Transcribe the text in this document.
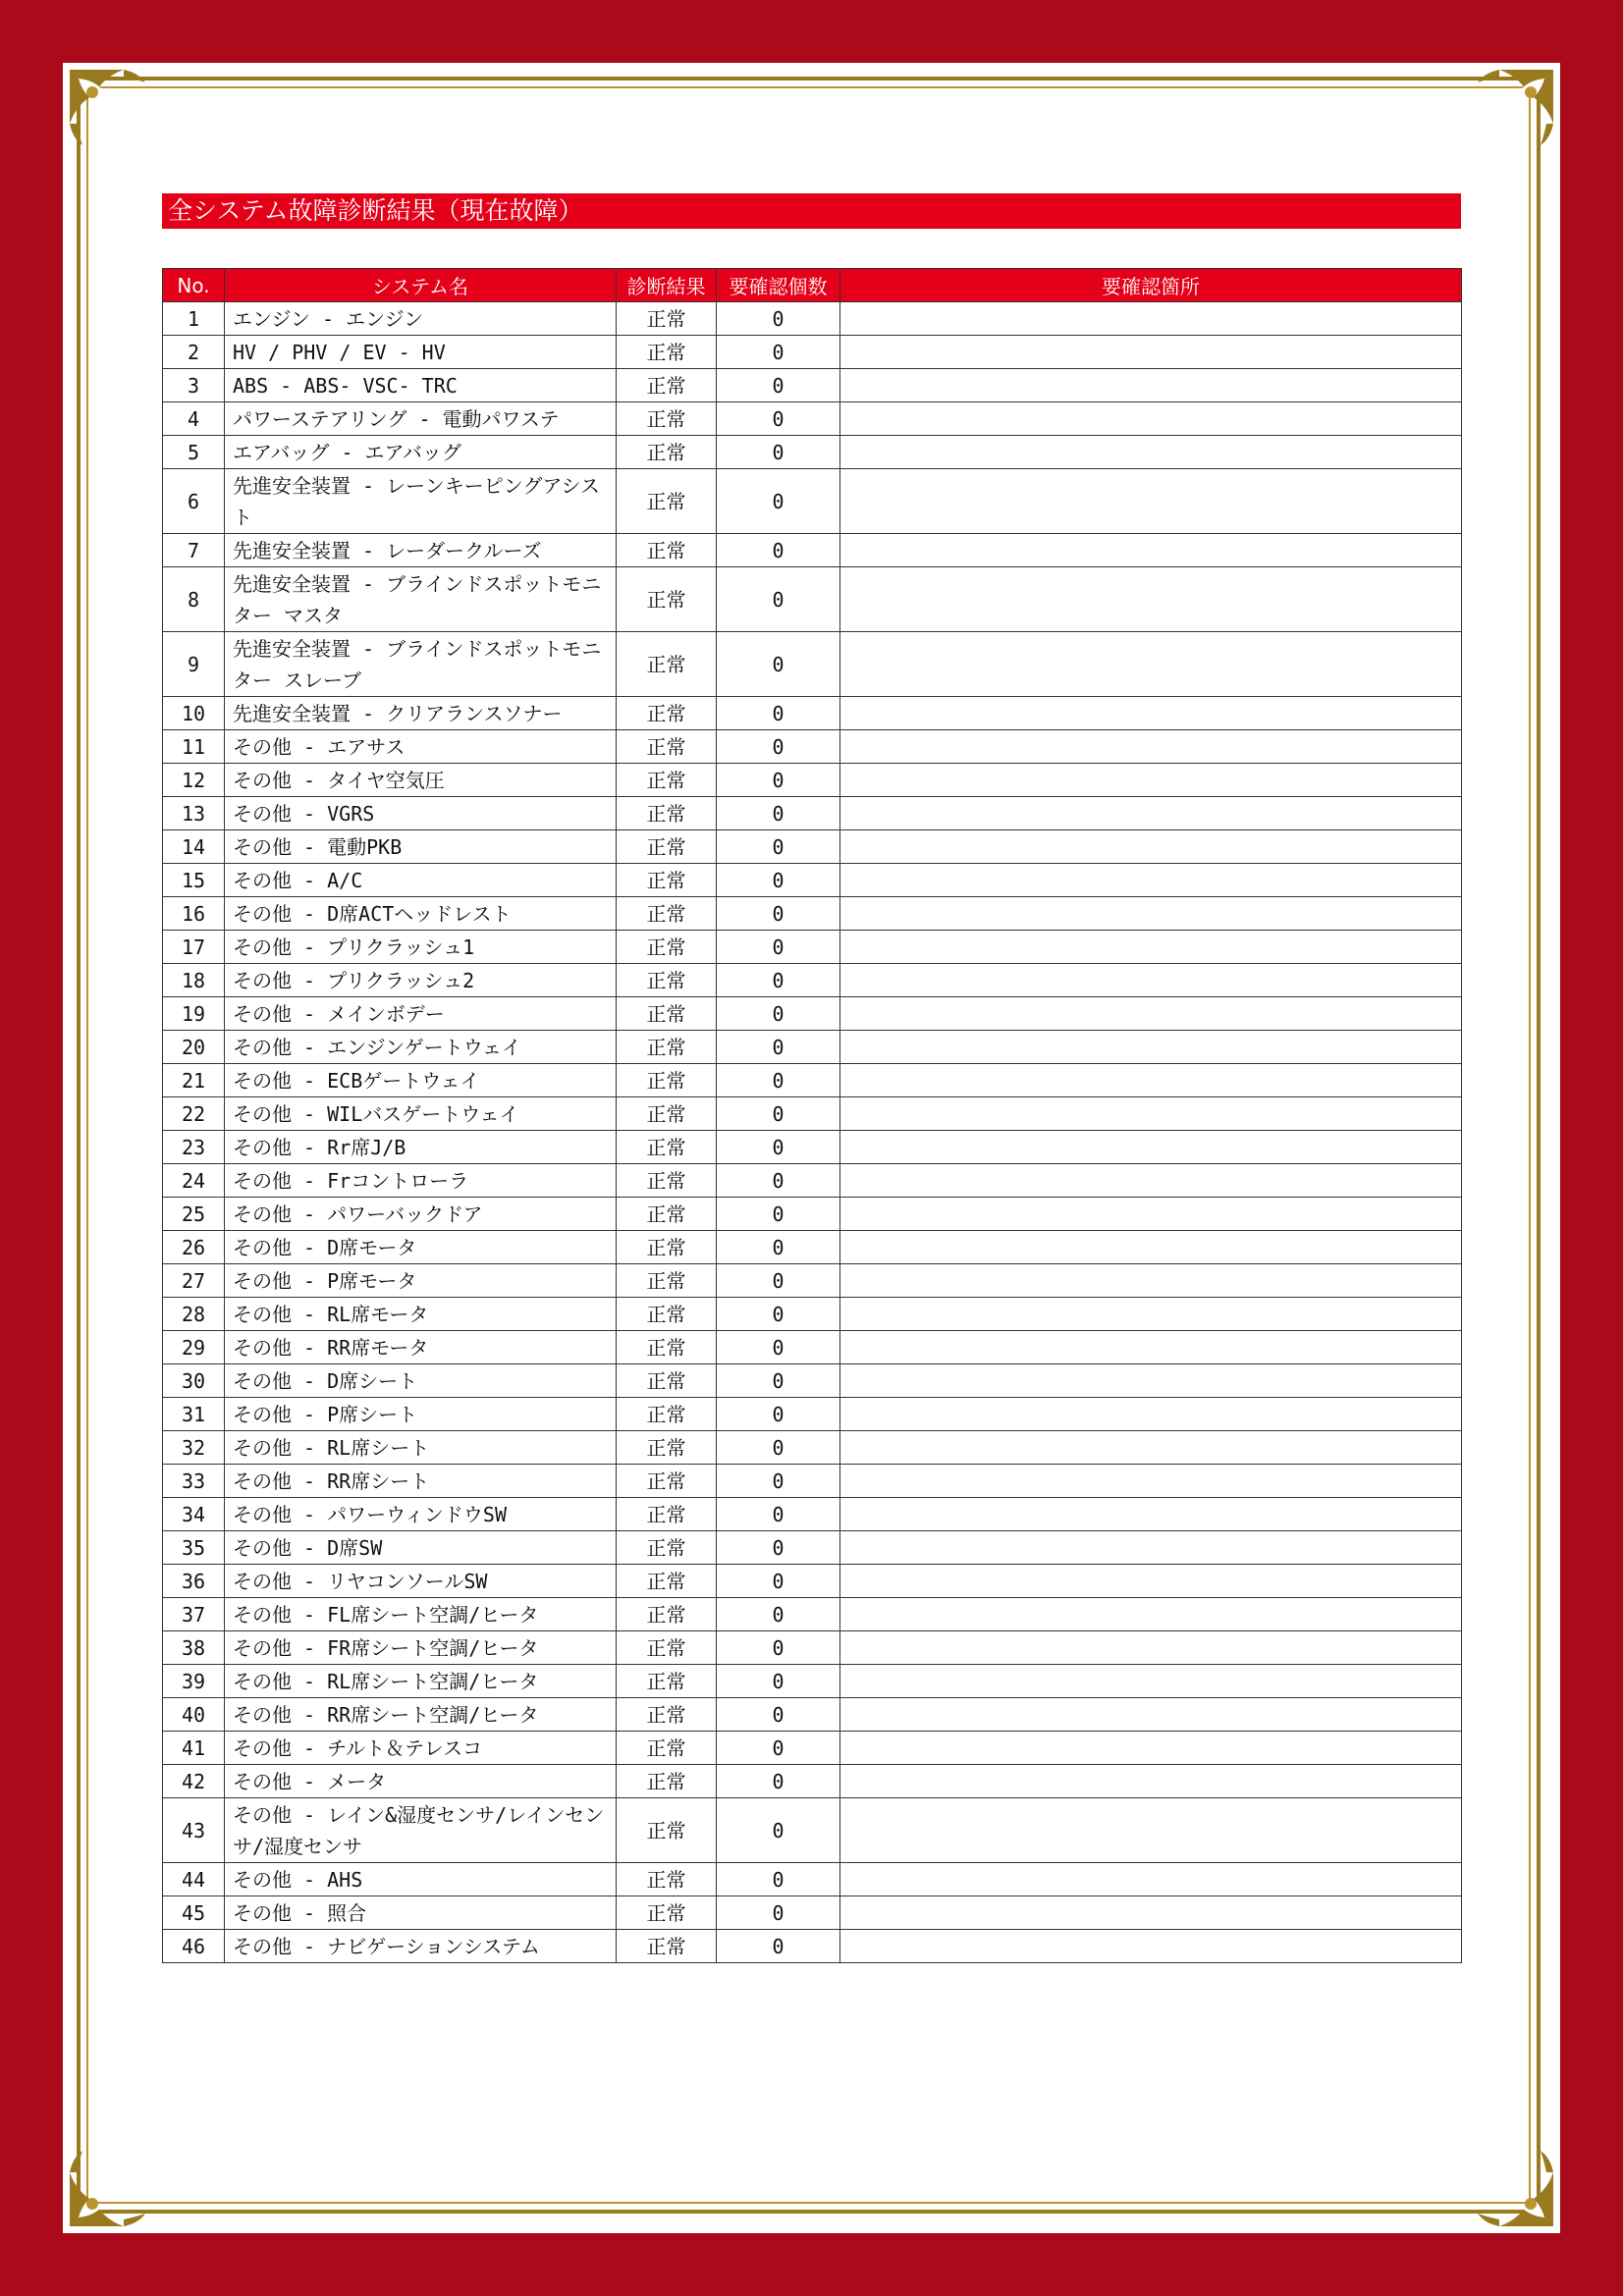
全システム故障診断結果（現在故障）
No.	システム名	診断結果	要確認個数	要確認箇所
1	エンジン - エンジン	正常	0	
2	HV / PHV / EV - HV	正常	0	
3	ABS - ABS- VSC- TRC	正常	0	
4	パワーステアリング - 電動パワステ	正常	0	
5	エアバッグ - エアバッグ	正常	0	
6	先進安全装置 - レーンキーピングアシスト	正常	0	
7	先進安全装置 - レーダークルーズ	正常	0	
8	先進安全装置 - ブラインドスポットモニター マスタ	正常	0	
9	先進安全装置 - ブラインドスポットモニター スレーブ	正常	0	
10	先進安全装置 - クリアランスソナー	正常	0	
11	その他 - エアサス	正常	0	
12	その他 - タイヤ空気圧	正常	0	
13	その他 - VGRS	正常	0	
14	その他 - 電動PKB	正常	0	
15	その他 - A/C	正常	0	
16	その他 - D席ACTヘッドレスト	正常	0	
17	その他 - プリクラッシュ1	正常	0	
18	その他 - プリクラッシュ2	正常	0	
19	その他 - メインボデー	正常	0	
20	その他 - エンジンゲートウェイ	正常	0	
21	その他 - ECBゲートウェイ	正常	0	
22	その他 - WILバスゲートウェイ	正常	0	
23	その他 - Rr席J/B	正常	0	
24	その他 - Frコントローラ	正常	0	
25	その他 - パワーバックドア	正常	0	
26	その他 - D席モータ	正常	0	
27	その他 - P席モータ	正常	0	
28	その他 - RL席モータ	正常	0	
29	その他 - RR席モータ	正常	0	
30	その他 - D席シート	正常	0	
31	その他 - P席シート	正常	0	
32	その他 - RL席シート	正常	0	
33	その他 - RR席シート	正常	0	
34	その他 - パワーウィンドウSW	正常	0	
35	その他 - D席SW	正常	0	
36	その他 - リヤコンソールSW	正常	0	
37	その他 - FL席シート空調/ヒータ	正常	0	
38	その他 - FR席シート空調/ヒータ	正常	0	
39	その他 - RL席シート空調/ヒータ	正常	0	
40	その他 - RR席シート空調/ヒータ	正常	0	
41	その他 - チルト＆テレスコ	正常	0	
42	その他 - メータ	正常	0	
43	その他 - レイン&湿度センサ/レインセンサ/湿度センサ	正常	0	
44	その他 - AHS	正常	0	
45	その他 - 照合	正常	0	
46	その他 - ナビゲーションシステム	正常	0	
